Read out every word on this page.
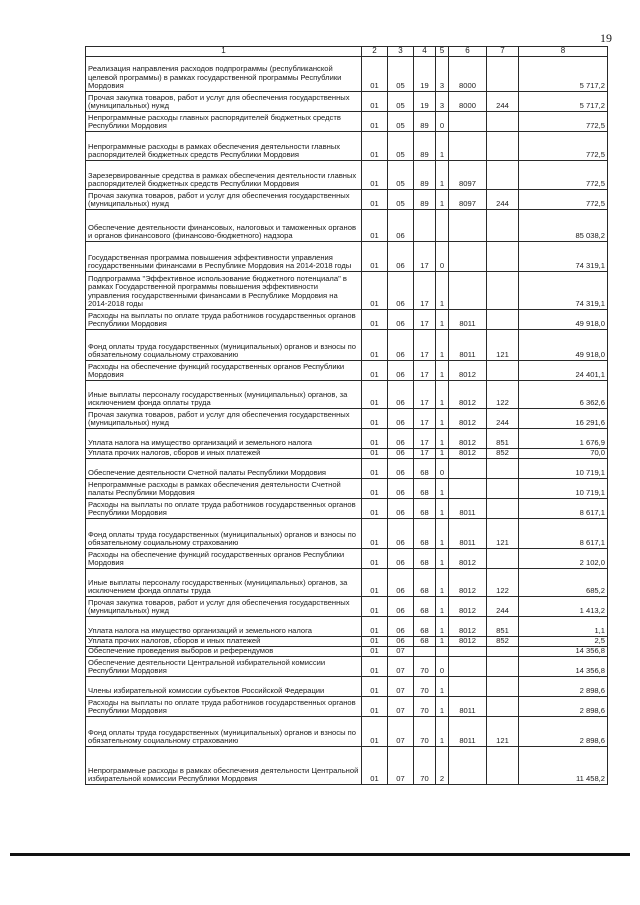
19
1	2	3	4	5	6	7	8
Реализация направления расходов подпрограммы (республиканской целевой программы) в рамках государственной программы Республики Мордовия	01	05	19	3	8000		5 717,2
Прочая закупка товаров, работ и услуг для обеспечения государственных (муниципальных) нужд	01	05	19	3	8000	244	5 717,2
Непрограммные расходы главных распорядителей бюджетных средств Республики Мордовия	01	05	89	0			772,5
Непрограммные расходы в рамках обеспечения деятельности главных распорядителей бюджетных средств Республики Мордовия	01	05	89	1			772,5
Зарезервированные средства в рамках обеспечения деятельности главных распорядителей бюджетных средств Республики Мордовия	01	05	89	1	8097		772,5
Прочая закупка товаров, работ и услуг для обеспечения государственных (муниципальных) нужд	01	05	89	1	8097	244	772,5
Обеспечение деятельности финансовых, налоговых и таможенных органов и органов финансового (финансово-бюджетного) надзора	01	06					85 038,2
Государственная программа повышения эффективности управления государственными финансами в Республике Мордовия на 2014-2018 годы	01	06	17	0			74 319,1
Подпрограмма "Эффективное использование бюджетного потенциала" в рамках Государственной программы повышения эффективности управления государственными финансами в Республике Мордовия на 2014-2018 годы	01	06	17	1			74 319,1
Расходы на выплаты по оплате труда работников государственных органов Республики Мордовия	01	06	17	1	8011		49 918,0
Фонд оплаты труда государственных (муниципальных) органов и взносы по обязательному социальному страхованию	01	06	17	1	8011	121	49 918,0
Расходы на обеспечение функций государственных органов Республики Мордовия	01	06	17	1	8012		24 401,1
Иные выплаты персоналу государственных (муниципальных) органов, за исключением фонда оплаты труда	01	06	17	1	8012	122	6 362,6
Прочая закупка товаров, работ и услуг для обеспечения государственных (муниципальных) нужд	01	06	17	1	8012	244	16 291,6
Уплата налога на имущество организаций и земельного налога	01	06	17	1	8012	851	1 676,9
Уплата прочих налогов, сборов и иных платежей	01	06	17	1	8012	852	70,0
Обеспечение деятельности Счетной палаты Республики Мордовия	01	06	68	0			10 719,1
Непрограммные расходы в рамках обеспечения деятельности Счетной палаты Республики Мордовия	01	06	68	1			10 719,1
Расходы на выплаты по оплате труда работников государственных органов Республики Мордовия	01	06	68	1	8011		8 617,1
Фонд оплаты труда государственных (муниципальных) органов и взносы по обязательному социальному страхованию	01	06	68	1	8011	121	8 617,1
Расходы на обеспечение функций государственных органов Республики Мордовия	01	06	68	1	8012		2 102,0
Иные выплаты персоналу государственных (муниципальных) органов, за исключением фонда оплаты труда	01	06	68	1	8012	122	685,2
Прочая закупка товаров, работ и услуг для обеспечения государственных (муниципальных) нужд	01	06	68	1	8012	244	1 413,2
Уплата налога на имущество организаций и земельного налога	01	06	68	1	8012	851	1,1
Уплата прочих налогов, сборов и иных платежей	01	06	68	1	8012	852	2,5
Обеспечение проведения выборов и референдумов	01	07					14 356,8
Обеспечение деятельности Центральной избирательной комиссии Республики Мордовия	01	07	70	0			14 356,8
Члены избирательной комиссии субъектов Российской Федерации	01	07	70	1			2 898,6
Расходы на выплаты по оплате труда работников государственных органов Республики Мордовия	01	07	70	1	8011		2 898,6
Фонд оплаты труда государственных (муниципальных) органов и взносы по обязательному социальному страхованию	01	07	70	1	8011	121	2 898,6
Непрограммные расходы в рамках обеспечения деятельности Центральной избирательной комиссии Республики Мордовия	01	07	70	2			11 458,2
